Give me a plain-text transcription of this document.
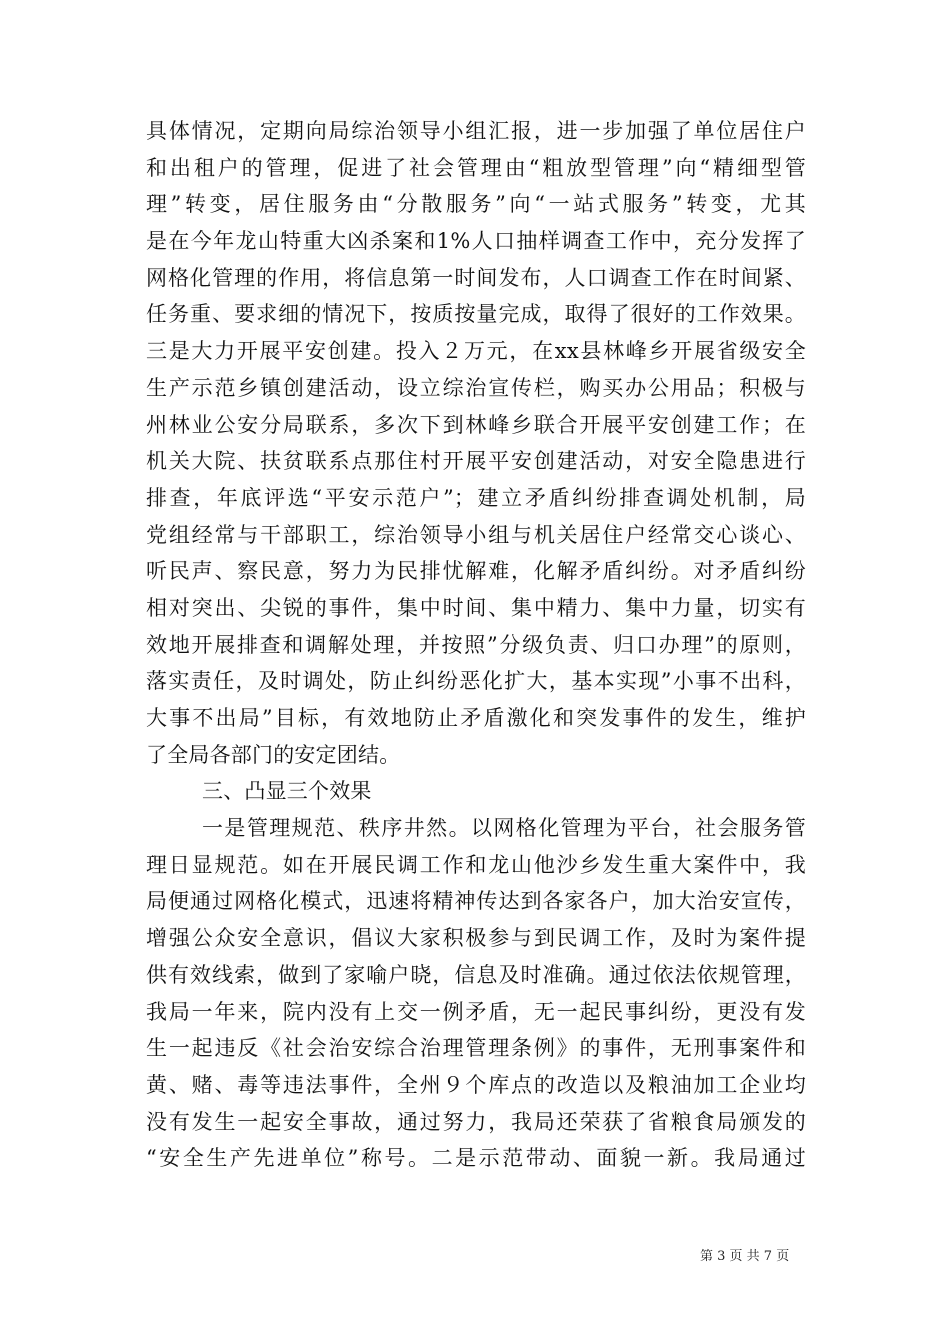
具体情况，定期向局综治领导小组汇报，进一步加强了单位居住户
和出租户的管理，促进了社会管理由“粗放型管理”向“精细型管
理”转变，居住服务由“分散服务”向“一站式服务”转变，尤其
是在今年龙山特重大凶杀案和1%人口抽样调查工作中，充分发挥了
网格化管理的作用，将信息第一时间发布，人口调查工作在时间紧、
任务重、要求细的情况下，按质按量完成，取得了很好的工作效果。
三是大力开展平安创建。投入２万元，在xx县林峰乡开展省级安全
生产示范乡镇创建活动，设立综治宣传栏，购买办公用品；积极与
州林业公安分局联系，多次下到林峰乡联合开展平安创建工作；在
机关大院、扶贫联系点那住村开展平安创建活动，对安全隐患进行
排查，年底评选“平安示范户”；建立矛盾纠纷排查调处机制，局
党组经常与干部职工，综治领导小组与机关居住户经常交心谈心、
听民声、察民意，努力为民排忧解难，化解矛盾纠纷。对矛盾纠纷
相对突出、尖锐的事件，集中时间、集中精力、集中力量，切实有
效地开展排查和调解处理，并按照”分级负责、归口办理”的原则，
落实责任，及时调处，防止纠纷恶化扩大，基本实现”小事不出科，
大事不出局”目标，有效地防止矛盾激化和突发事件的发生，维护
了全局各部门的安定团结。
三、凸显三个效果
一是管理规范、秩序井然。以网格化管理为平台，社会服务管
理日显规范。如在开展民调工作和龙山他沙乡发生重大案件中，我
局便通过网格化模式，迅速将精神传达到各家各户，加大治安宣传，
增强公众安全意识，倡议大家积极参与到民调工作，及时为案件提
供有效线索，做到了家喻户晓，信息及时准确。通过依法依规管理，
我局一年来，院内没有上交一例矛盾，无一起民事纠纷，更没有发
生一起违反《社会治安综合治理管理条例》的事件，无刑事案件和
黄、赌、毒等违法事件，全州９个库点的改造以及粮油加工企业均
没有发生一起安全事故，通过努力，我局还荣获了省粮食局颁发的
“安全生产先进单位”称号。二是示范带动、面貌一新。我局通过
第 3 页 共 7 页
